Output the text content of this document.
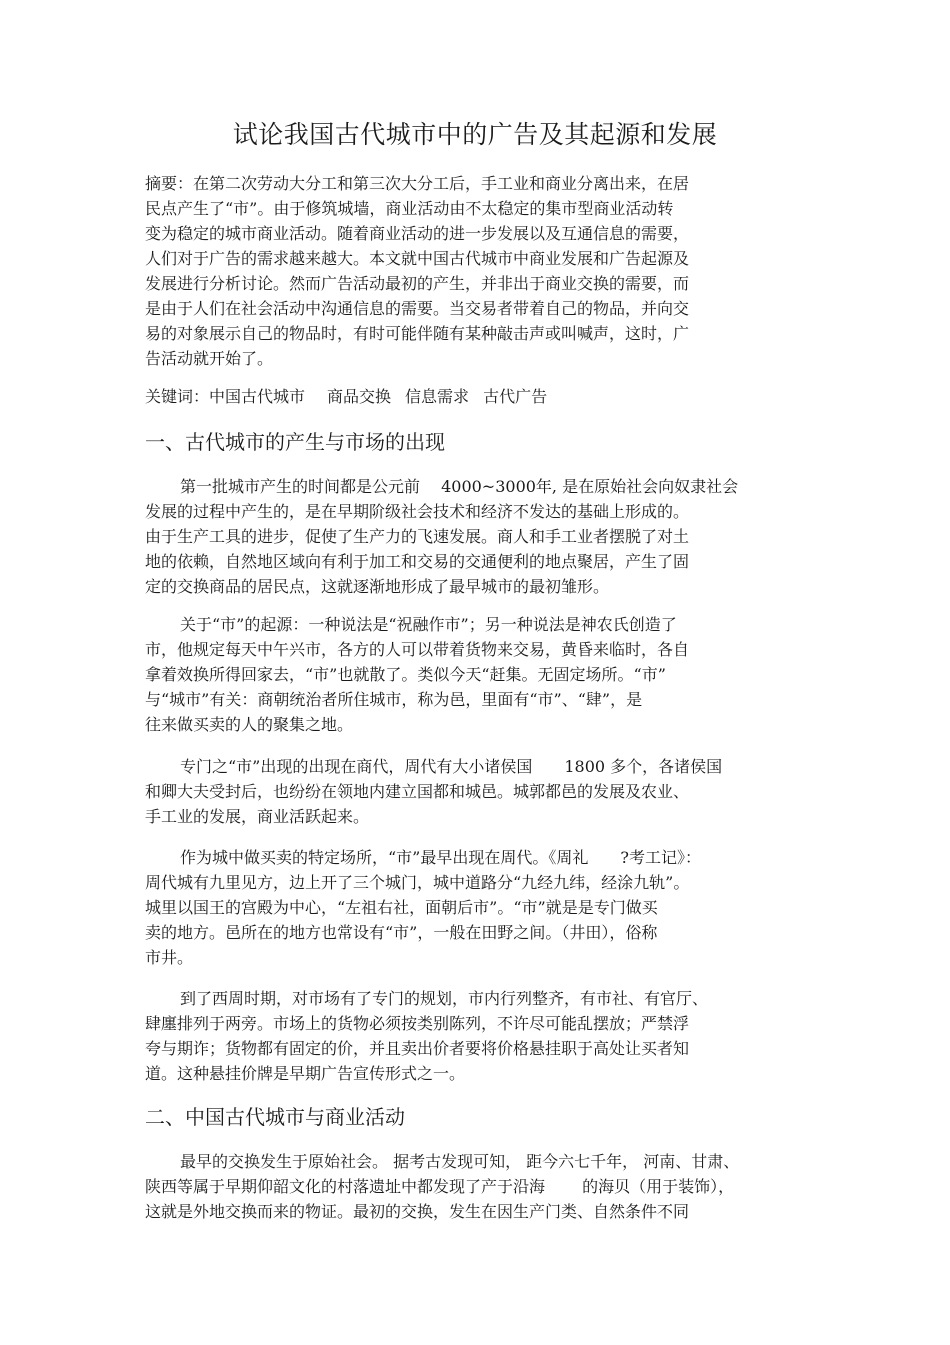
试论我国古代城市中的广告及其起源和发展
摘要：在第二次劳动大分工和第三次大分工后，手工业和商业分离出来，在居
民点产生了“市”。由于修筑城墙，商业活动由不太稳定的集市型商业活动转
变为稳定的城市商业活动。随着商业活动的进一步发展以及互通信息的需要，
人们对于广告的需求越来越大。本文就中国古代城市中商业发展和广告起源及
发展进行分析讨论。然而广告活动最初的产生，并非出于商业交换的需要，而
是由于人们在社会活动中沟通信息的需要。当交易者带着自己的物品，并向交
易的对象展示自己的物品时，有时可能伴随有某种敲击声或叫喊声，这时，广
告活动就开始了。
关键词：中国古代城市 商品交换 信息需求 古代广告
一、古代城市的产生与市场的出现
第一批城市产生的时间都是公元前　 4000~3000年, 是在原始社会向奴隶社会
发展的过程中产生的，是在早期阶级社会技术和经济不发达的基础上形成的。
由于生产工具的进步，促使了生产力的飞速发展。商人和手工业者摆脱了对土
地的依赖，自然地区域向有利于加工和交易的交通便利的地点聚居，产生了固
定的交换商品的居民点，这就逐渐地形成了最早城市的最初雏形。
关于“市”的起源：一种说法是“祝融作市”；另一种说法是神农氏创造了
市，他规定每天中午兴市，各方的人可以带着货物来交易，黄昏来临时，各自
拿着效换所得回家去，“市”也就散了。类似今天“赶集。无固定场所。“市”
与“城市”有关：商朝统治者所住城市，称为邑，里面有“市”、“肆”，是
往来做买卖的人的聚集之地。
专门之“市”出现的出现在商代，周代有大小诸侯国　　1800 多个，各诸侯国
和卿大夫受封后，也纷纷在领地内建立国都和城邑。城郭都邑的发展及农业、
手工业的发展，商业活跃起来。
作为城中做买卖的特定场所，“市”最早出现在周代。《周礼　　?考工记》：
周代城有九里见方，边上开了三个城门，城中道路分“九经九纬，经涂九轨”。
城里以国王的宫殿为中心，“左祖右社，面朝后市”。“市”就是是专门做买
卖的地方。邑所在的地方也常设有“市”，一般在田野之间。（井田），俗称
市井。
到了西周时期，对市场有了专门的规划，市内行列整齐，有市社、有官厅、
肆廛排列于两旁。市场上的货物必须按类别陈列，不许尽可能乱摆放；严禁浮
夸与期诈；货物都有固定的价，并且卖出价者要将价格悬挂职于高处让买者知
道。这种悬挂价牌是早期广告宣传形式之一。
二、中国古代城市与商业活动
最早的交换发生于原始社会。 据考古发现可知， 距今六七千年， 河南、甘肃、
陕西等属于早期仰韶文化的村落遗址中都发现了产于沿海　　 的海贝（用于装饰），
这就是外地交换而来的物证。最初的交换，发生在因生产门类、自然条件不同
